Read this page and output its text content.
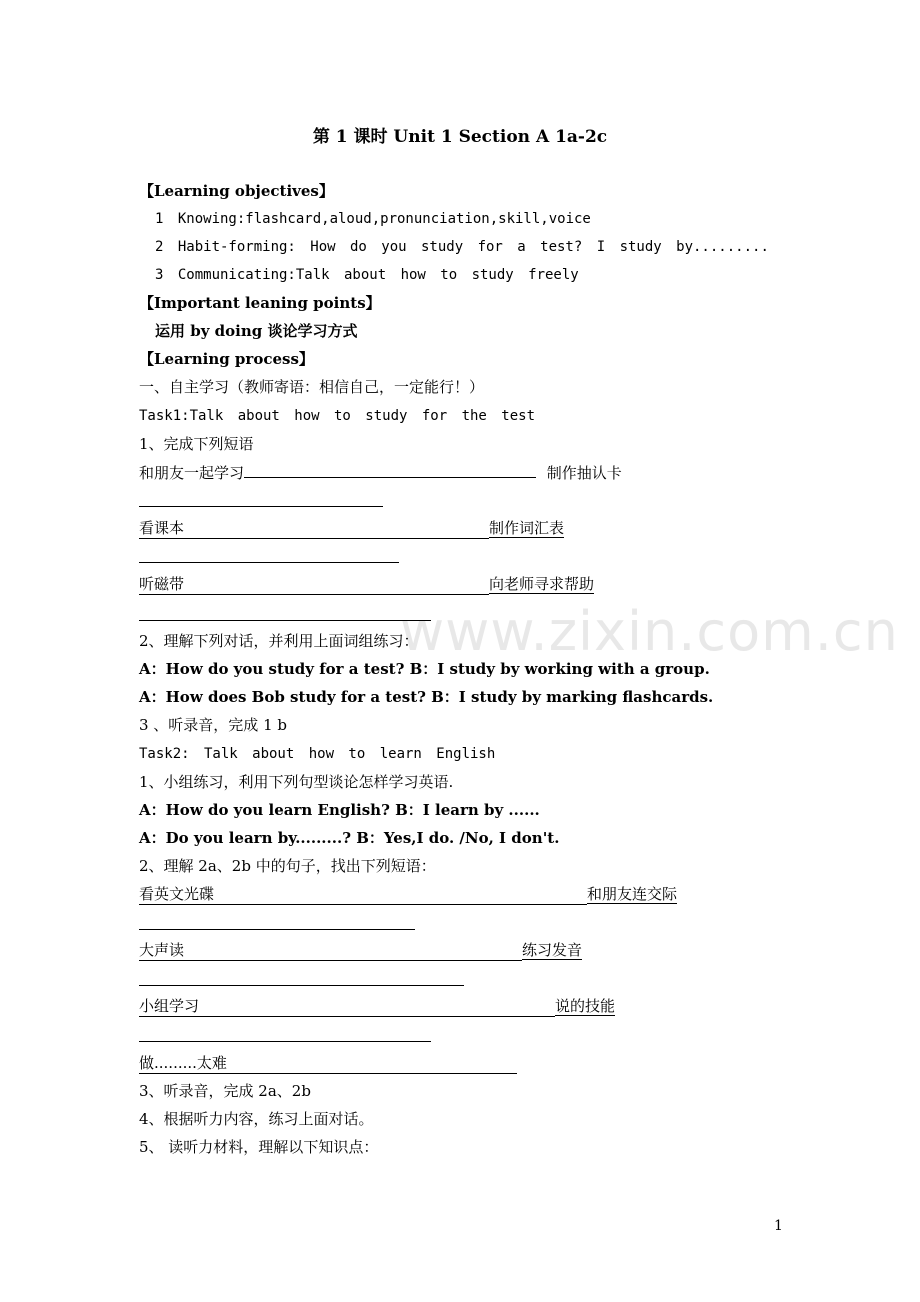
www.zixin.com.cn
第 1 课时 Unit 1 Section A 1a-2c
【Learning objectives】
1 Knowing:flashcard,aloud,pronunciation,skill,voice
2 Habit-forming: How do you study for a test? I study by.........
3 Communicating:Talk about how to study freely
【Important leaning points】
运用 by doing 谈论学习方式
【Learning process】
一、自主学习（教师寄语：相信自己，一定能行！）
Task1:Talk about how to study for the test
1、完成下列短语
和朋友一起学习	制作抽认卡
看课本	制作词汇表
听磁带	向老师寻求帮助
2、理解下列对话，并利用上面词组练习：
A：How do you study for a test? B：I study by working with a group.
A：How does Bob study for a test? B：I study by marking flashcards.
3 、听录音，完成 1 b
Task2: Talk about how to learn English
1、小组练习，利用下列句型谈论怎样学习英语.
A：How do you learn English? B：I learn by ......
A：Do you learn by.........? B：Yes,I do. /No, I don't.
2、理解 2a、2b 中的句子，找出下列短语：
看英文光碟	和朋友连交际
大声读	练习发音
小组学习	说的技能
做.........太难
3、听录音，完成 2a、2b
4、根据听力内容，练习上面对话。
5、 读听力材料，理解以下知识点：
1
